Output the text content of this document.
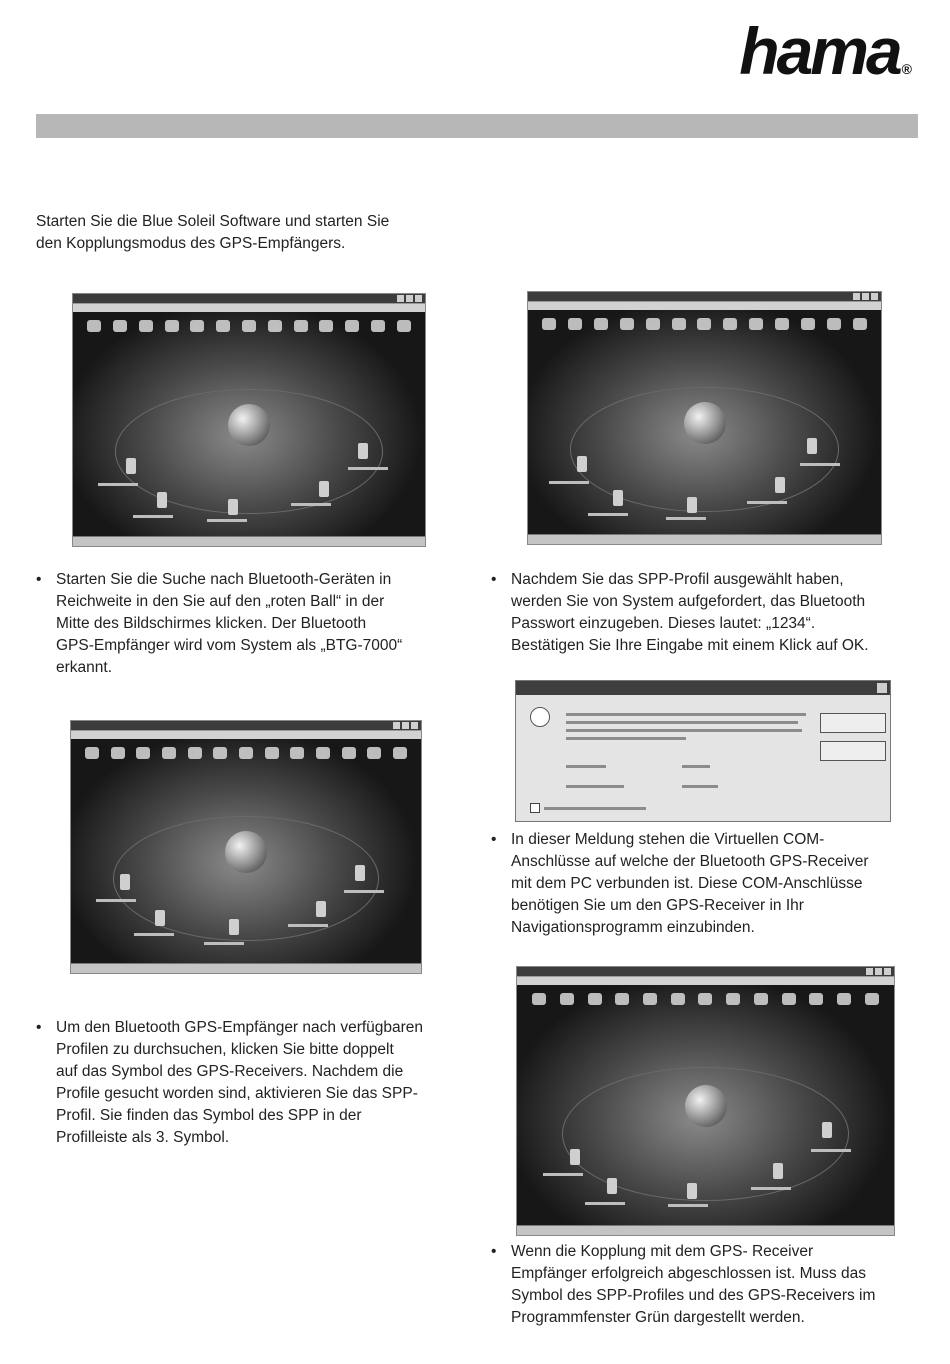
hama ®
Starten Sie die Blue Soleil Software und starten Sie
den Kopplungsmodus des GPS-Empfängers.
• Starten Sie die Suche nach Bluetooth-Geräten in
Reichweite in den Sie auf den „roten Ball“ in der
Mitte des Bildschirmes klicken. Der Bluetooth
GPS-Empfänger wird vom System als „BTG-7000“
erkannt.
• Nachdem Sie das SPP-Profil ausgewählt haben,
werden Sie von System aufgefordert, das Bluetooth
Passwort einzugeben. Dieses lautet: „1234“.
Bestätigen Sie Ihre Eingabe mit einem Klick auf OK.
• In dieser Meldung stehen die Virtuellen COM-
Anschlüsse auf welche der Bluetooth GPS-Receiver
mit dem PC verbunden ist. Diese COM-Anschlüsse
benötigen Sie um den GPS-Receiver in Ihr
Navigationsprogramm einzubinden.
• Um den Bluetooth GPS-Empfänger nach verfügbaren
Profilen zu durchsuchen, klicken Sie bitte doppelt
auf das Symbol des GPS-Receivers. Nachdem die
Profile gesucht worden sind, aktivieren Sie das SPP-
Profil. Sie finden das Symbol des SPP in der
Profilleiste als 3. Symbol.
• Wenn die Kopplung mit dem GPS- Receiver
Empfänger erfolgreich abgeschlossen ist. Muss das
Symbol des SPP-Profiles und des GPS-Receivers im
Programmfenster Grün dargestellt werden.
